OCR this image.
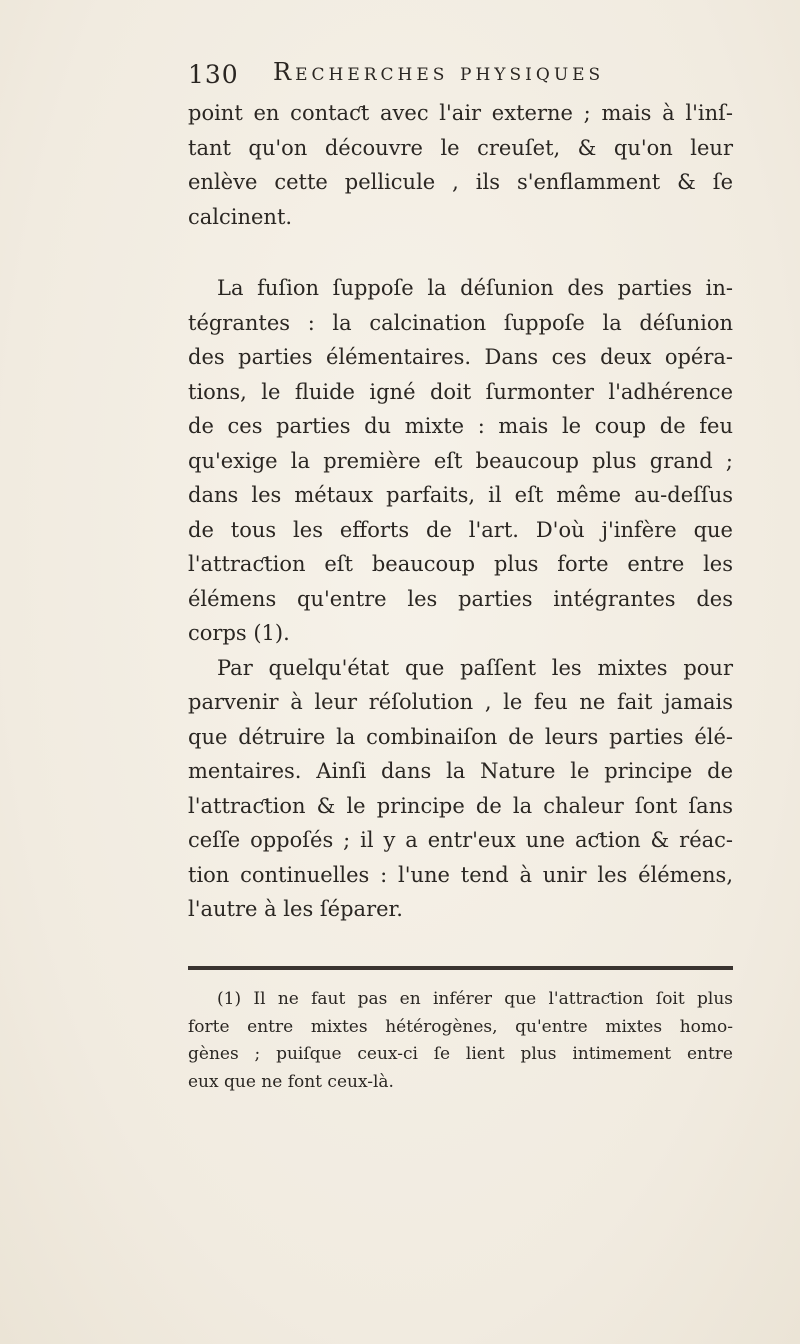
130 Recherches physiques
point en contaƈt avec l'air externe ; mais à l'inſ-
tant qu'on découvre le creuſet, & qu'on leur
enlève cette pellicule , ils s'enflamment & ſe
calcinent.
La fuſion ſuppoſe la déſunion des parties in-
tégrantes : la calcination ſuppoſe la déſunion
des parties élémentaires. Dans ces deux opéra-
tions, le fluide igné doit ſurmonter l'adhérence
de ces parties du mixte : mais le coup de feu
qu'exige la première eſt beaucoup plus grand ;
dans les métaux parfaits, il eſt même au-deſſus
de tous les efforts de l'art. D'où j'infère que
l'attraƈtion eſt beaucoup plus forte entre les
élémens qu'entre les parties intégrantes des
corps (1).
Par quelqu'état que paſſent les mixtes pour
parvenir à leur réſolution , le feu ne fait jamais
que détruire la combinaiſon de leurs parties élé-
mentaires. Ainſi dans la Nature le principe de
l'attraƈtion & le principe de la chaleur ſont ſans
ceſſe oppoſés ; il y a entr'eux une aƈtion & réac-
tion continuelles : l'une tend à unir les élémens,
l'autre à les ſéparer.
(1) Il ne faut pas en inférer que l'attraƈtion ſoit plus
forte entre mixtes hétérogènes, qu'entre mixtes homo-
gènes ; puiſque ceux-ci ſe lient plus intimement entre
eux que ne font ceux-là.
